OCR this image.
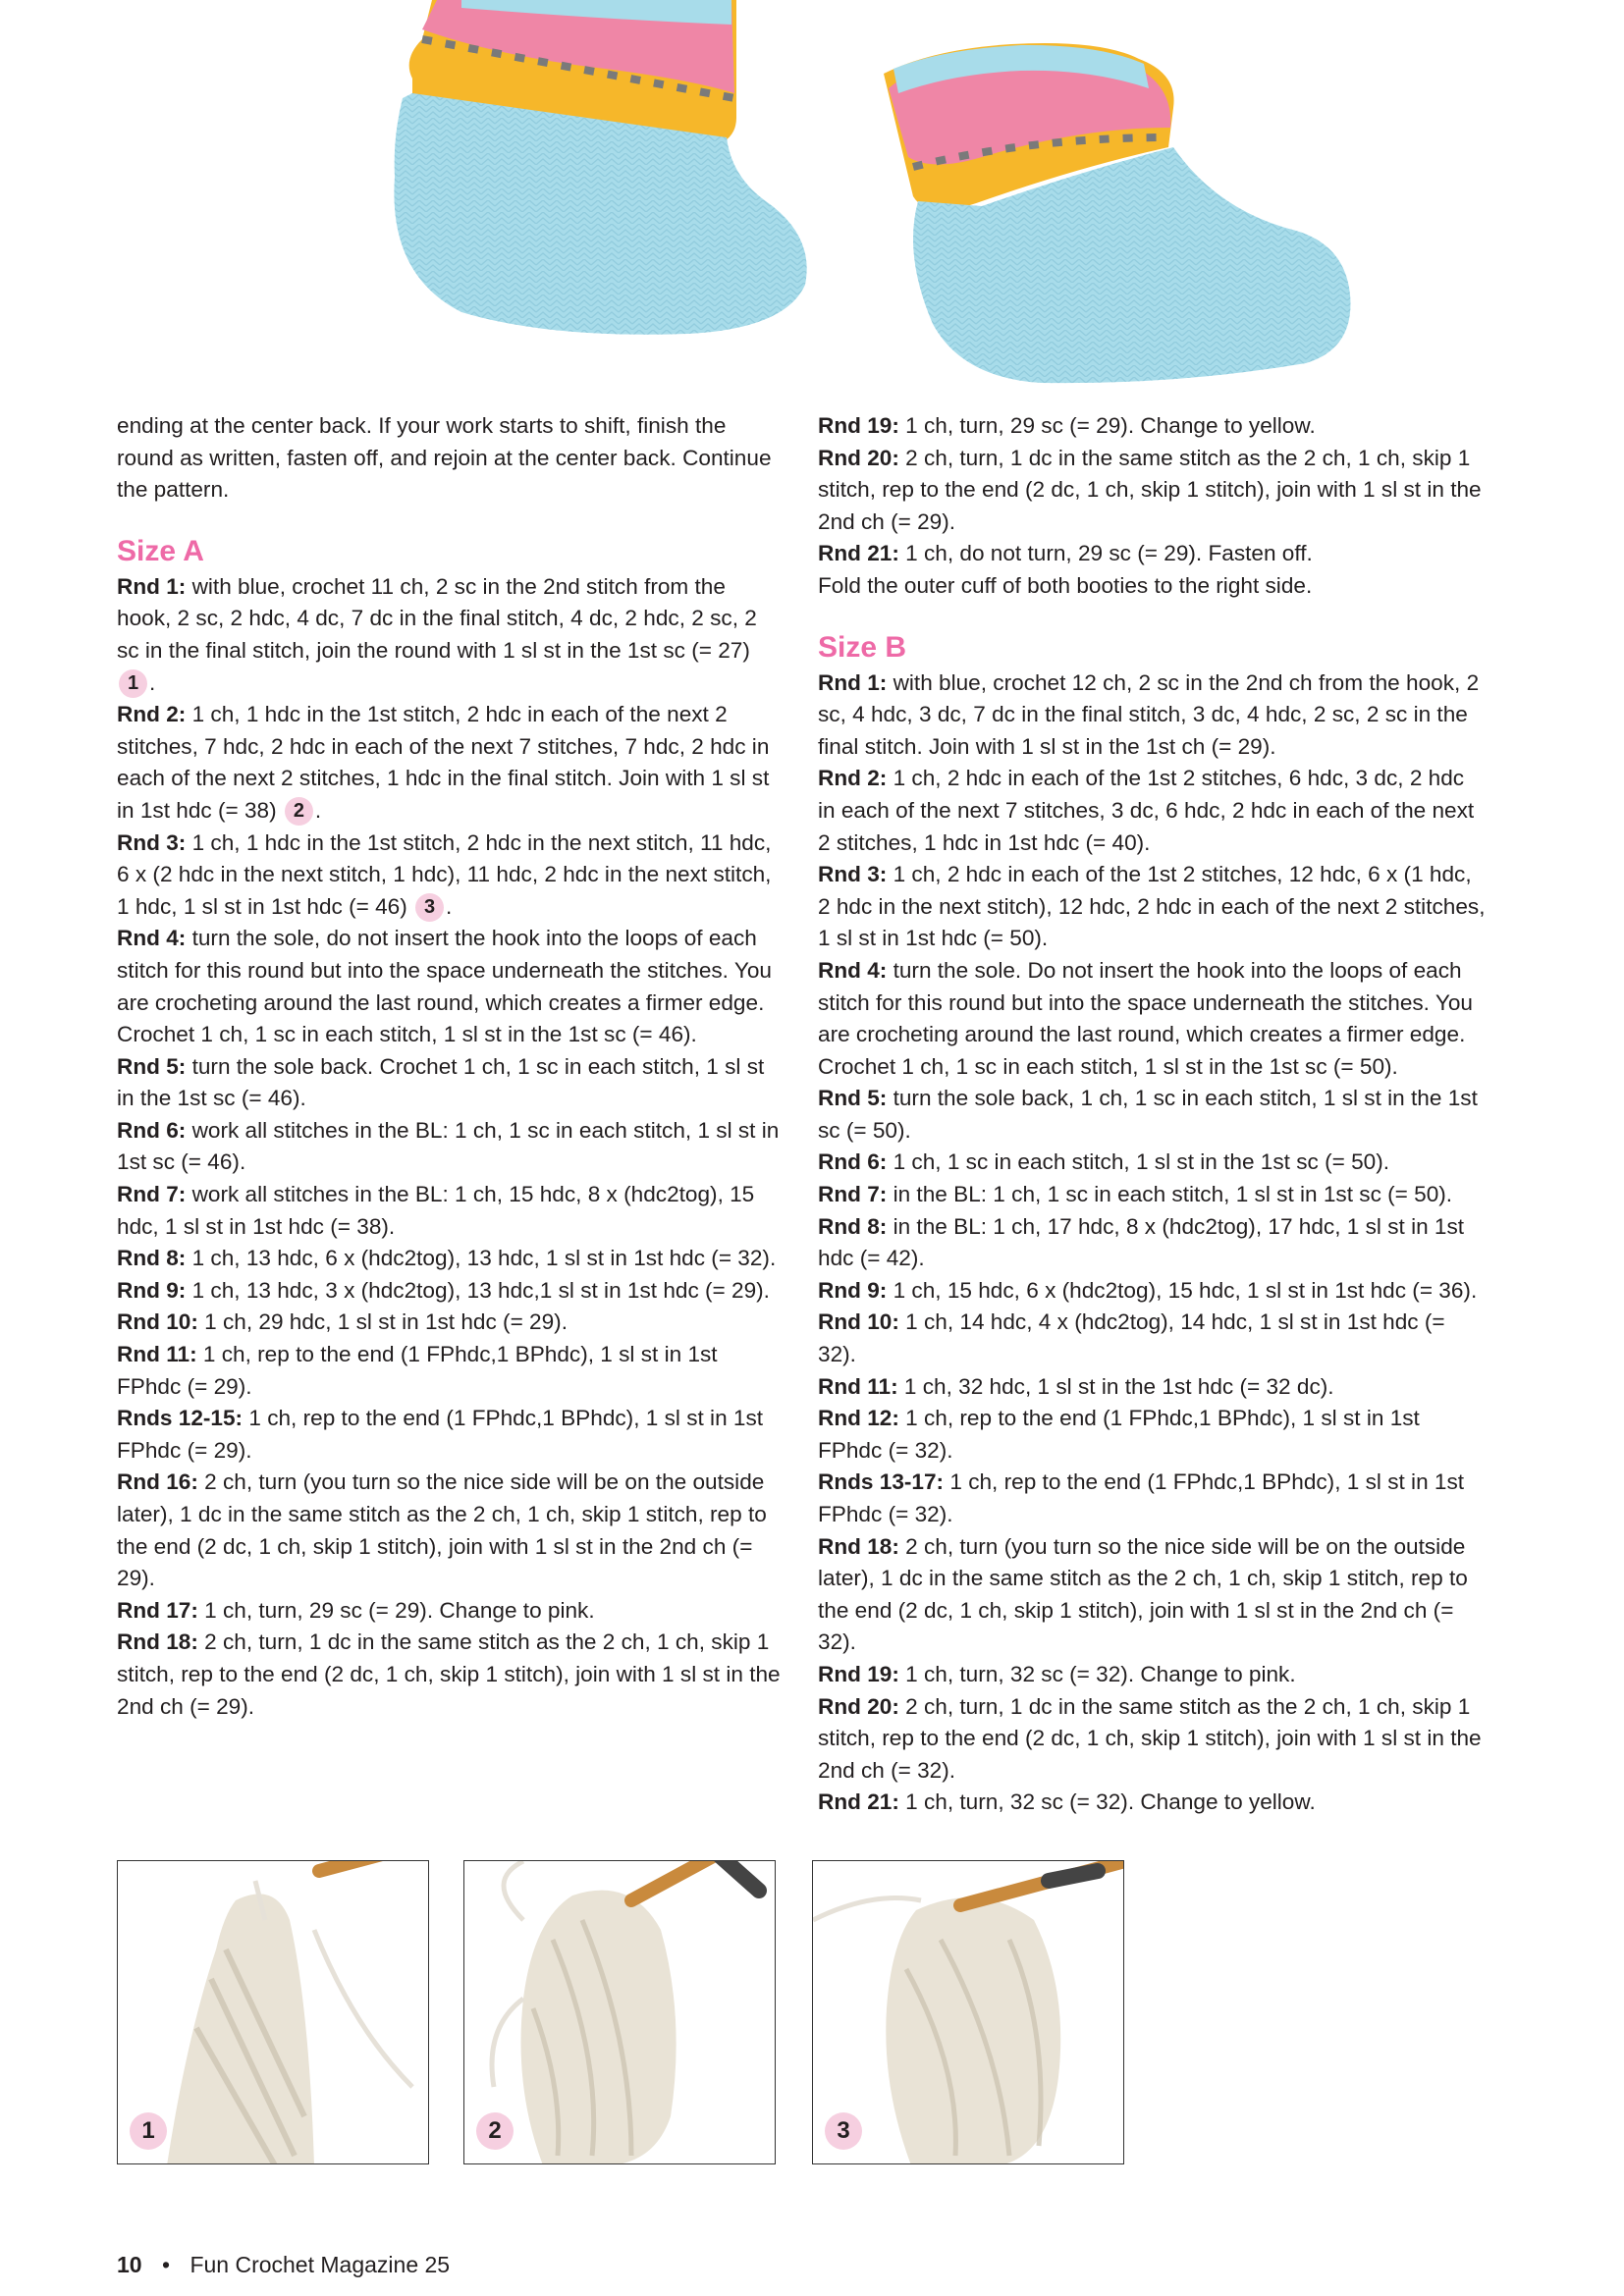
ending at the center back. If your work starts to shift, finish the round as written, fasten off, and rejoin at the center back. Continue the pattern.

Size A

Rnd 1: with blue, crochet 11 ch, 2 sc in the 2nd stitch from the hook, 2 sc, 2 hdc, 4 dc, 7 dc in the final stitch, 4 dc, 2 hdc, 2 sc, 2 sc in the final stitch, join the round with 1 sl st in the 1st sc (= 27) 1 .

Rnd 2: 1 ch, 1 hdc in the 1st stitch, 2 hdc in each of the next 2 stitches, 7 hdc, 2 hdc in each of the next 7 stitches, 7 hdc, 2 hdc in each of the next 2 stitches, 1 hdc in the final stitch. Join with 1 sl st in 1st hdc (= 38) 2 .

Rnd 3: 1 ch, 1 hdc in the 1st stitch, 2 hdc in the next stitch, 11 hdc, 6 x (2 hdc in the next stitch, 1 hdc), 11 hdc, 2 hdc in the next stitch, 1 hdc, 1 sl st in 1st hdc (= 46) 3 .

Rnd 4: turn the sole, do not insert the hook into the loops of each stitch for this round but into the space underneath the stitches. You are crocheting around the last round, which creates a firmer edge. Crochet 1 ch, 1 sc in each stitch, 1 sl st in the 1st sc (= 46).

Rnd 5: turn the sole back. Crochet 1 ch, 1 sc in each stitch, 1 sl st in the 1st sc (= 46).

Rnd 6: work all stitches in the BL: 1 ch, 1 sc in each stitch, 1 sl st in 1st sc (= 46).

Rnd 7: work all stitches in the BL: 1 ch, 15 hdc, 8 x (hdc2tog), 15 hdc, 1 sl st in 1st hdc (= 38).

Rnd 8: 1 ch, 13 hdc, 6 x (hdc2tog), 13 hdc, 1 sl st in 1st hdc (= 32).

Rnd 9: 1 ch, 13 hdc, 3 x (hdc2tog), 13 hdc,1 sl st in 1st hdc (= 29).

Rnd 10: 1 ch, 29 hdc, 1 sl st in 1st hdc (= 29).

Rnd 11: 1 ch, rep to the end (1 FPhdc,1 BPhdc), 1 sl st in 1st FPhdc (= 29).

Rnds 12-15: 1 ch, rep to the end (1 FPhdc,1 BPhdc), 1 sl st in 1st FPhdc (= 29).

Rnd 16: 2 ch, turn (you turn so the nice side will be on the outside later), 1 dc in the same stitch as the 2 ch, 1 ch, skip 1 stitch, rep to the end (2 dc, 1 ch, skip 1 stitch), join with 1 sl st in the 2nd ch (= 29).

Rnd 17: 1 ch, turn, 29 sc (= 29). Change to pink.

Rnd 18: 2 ch, turn, 1 dc in the same stitch as the 2 ch, 1 ch, skip 1 stitch, rep to the end (2 dc, 1 ch, skip 1 stitch), join with 1 sl st in the 2nd ch (= 29).

Rnd 19: 1 ch, turn, 29 sc (= 29). Change to yellow.

Rnd 20: 2 ch, turn, 1 dc in the same stitch as the 2 ch, 1 ch, skip 1 stitch, rep to the end (2 dc, 1 ch, skip 1 stitch), join with 1 sl st in the 2nd ch (= 29).

Rnd 21: 1 ch, do not turn, 29 sc (= 29). Fasten off.

Fold the outer cuff of both booties to the right side.

Size B

Rnd 1: with blue, crochet 12 ch, 2 sc in the 2nd ch from the hook, 2 sc, 4 hdc, 3 dc, 7 dc in the final stitch, 3 dc, 4 hdc, 2 sc, 2 sc in the final stitch. Join with 1 sl st in the 1st ch (= 29).

Rnd 2: 1 ch, 2 hdc in each of the 1st 2 stitches, 6 hdc, 3 dc, 2 hdc in each of the next 7 stitches, 3 dc, 6 hdc, 2 hdc in each of the next 2 stitches, 1 hdc in 1st hdc (= 40).

Rnd 3: 1 ch, 2 hdc in each of the 1st 2 stitches, 12 hdc, 6 x (1 hdc, 2 hdc in the next stitch), 12 hdc, 2 hdc in each of the next 2 stitches, 1 sl st in 1st hdc (= 50).

Rnd 4: turn the sole. Do not insert the hook into the loops of each stitch for this round but into the space underneath the stitches. You are crocheting around the last round, which creates a firmer edge. Crochet 1 ch, 1 sc in each stitch, 1 sl st in the 1st sc (= 50).

Rnd 5: turn the sole back, 1 ch, 1 sc in each stitch, 1 sl st in the 1st sc (= 50).

Rnd 6: 1 ch, 1 sc in each stitch, 1 sl st in the 1st sc (= 50).

Rnd 7: in the BL: 1 ch, 1 sc in each stitch, 1 sl st in 1st sc (= 50).

Rnd 8: in the BL: 1 ch, 17 hdc, 8 x (hdc2tog), 17 hdc, 1 sl st in 1st hdc (= 42).

Rnd 9: 1 ch, 15 hdc, 6 x (hdc2tog), 15 hdc, 1 sl st in 1st hdc (= 36).

Rnd 10: 1 ch, 14 hdc, 4 x (hdc2tog), 14 hdc, 1 sl st in 1st hdc (= 32).

Rnd 11: 1 ch, 32 hdc, 1 sl st in the 1st hdc (= 32 dc).

Rnd 12: 1 ch, rep to the end (1 FPhdc,1 BPhdc), 1 sl st in 1st FPhdc (= 32).

Rnds 13-17: 1 ch, rep to the end (1 FPhdc,1 BPhdc), 1 sl st in 1st FPhdc (= 32).

Rnd 18: 2 ch, turn (you turn so the nice side will be on the outside later), 1 dc in the same stitch as the 2 ch, 1 ch, skip 1 stitch, rep to the end (2 dc, 1 ch, skip 1 stitch), join with 1 sl st in the 2nd ch (= 32).

Rnd 19: 1 ch, turn, 32 sc (= 32). Change to pink.

Rnd 20: 2 ch, turn, 1 dc in the same stitch as the 2 ch, 1 ch, skip 1 stitch, rep to the end (2 dc, 1 ch, skip 1 stitch), join with 1 sl st in the 2nd ch (= 32).

Rnd 21: 1 ch, turn, 32 sc (= 32). Change to yellow.

1	2	3
10 • Fun Crochet Magazine 25
